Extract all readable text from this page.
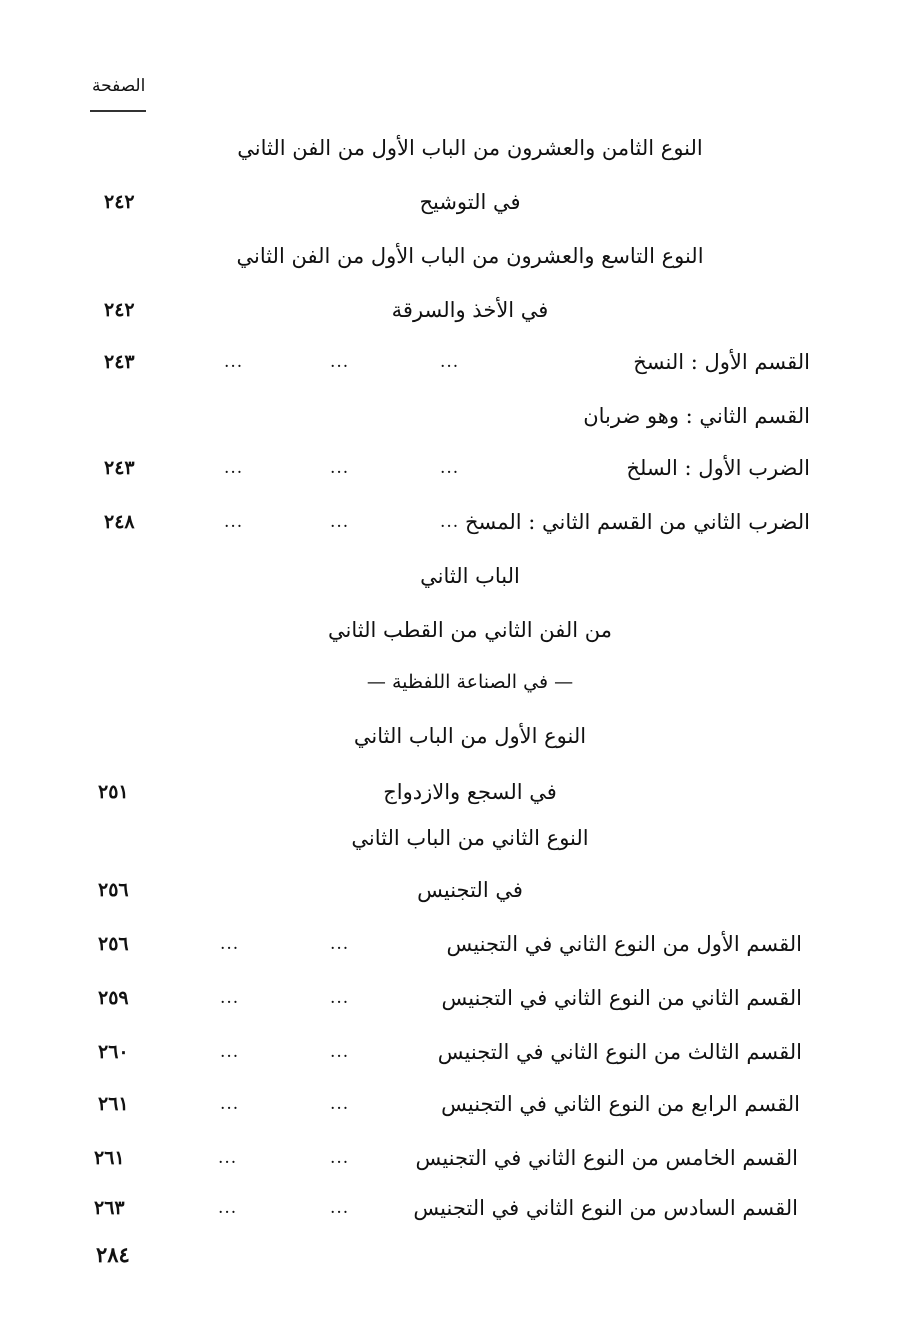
الصفحة
النوع الثامن والعشرون من الباب الأول من الفن الثاني
في التوشيح
٢٤٢
النوع التاسع والعشرون من الباب الأول من الفن الثاني
في الأخذ والسرقة
٢٤٢
القسم الأول : النسخ
...
...
...
٢٤٣
القسم الثاني : وهو ضربان
الضرب الأول : السلخ
...
...
...
٢٤٣
الضرب الثاني من القسم الثاني : المسخ
...
...
...
٢٤٨
الباب الثاني
من الفن الثاني من القطب الثاني
— في الصناعة اللفظية —
النوع الأول من الباب الثاني
في السجع والازدواج
٢٥١
النوع الثاني من الباب الثاني
في التجنيس
٢٥٦
القسم الأول من النوع الثاني في التجنيس
...
...
٢٥٦
القسم الثاني من النوع الثاني في التجنيس
...
...
٢٥٩
القسم الثالث من النوع الثاني في التجنيس
...
...
٢٦٠
القسم الرابع من النوع الثاني في التجنيس
...
...
٢٦١
القسم الخامس من النوع الثاني في التجنيس
...
...
٢٦١
القسم السادس من النوع الثاني في التجنيس
...
...
٢٦٣
٢٨٤
